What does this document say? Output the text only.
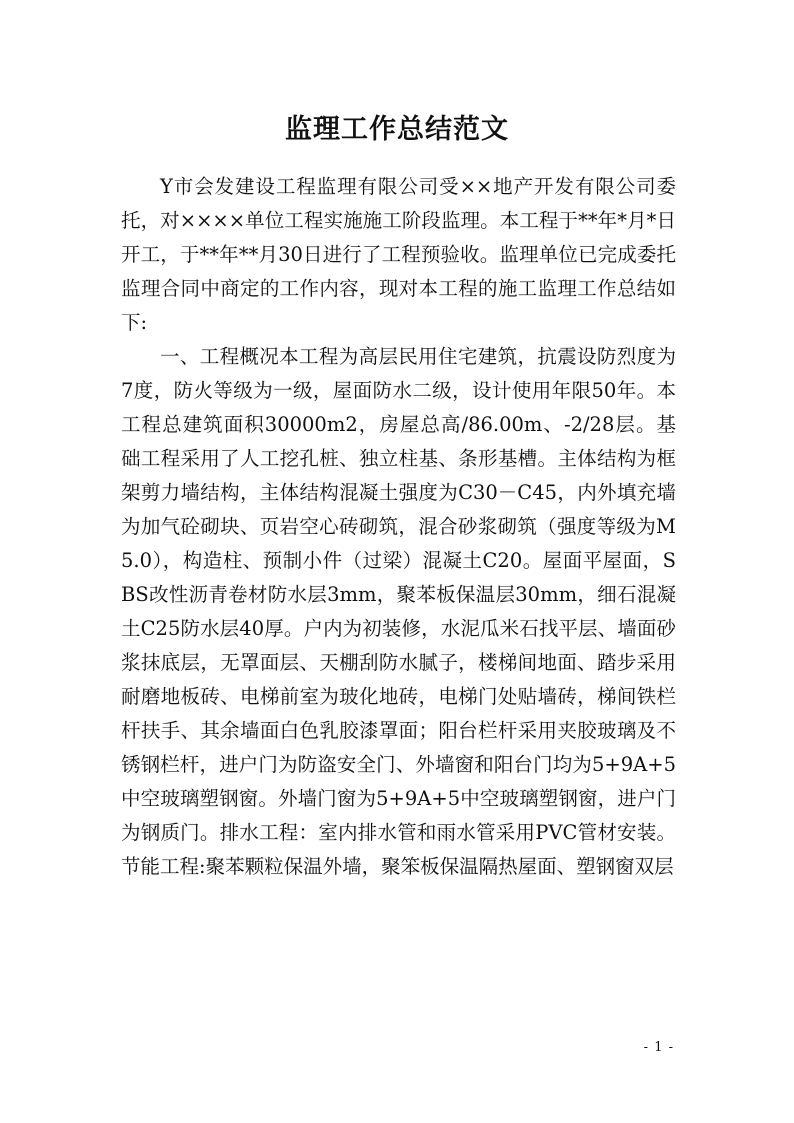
监理工作总结范文

Y市会发建设工程监理有限公司受××地产开发有限公司委托，对××××单位工程实施施工阶段监理。本工程于**年*月*日开工，于**年**月30日进行了工程预验收。监理单位已完成委托监理合同中商定的工作内容，现对本工程的施工监理工作总结如下:

一、工程概况本工程为高层民用住宅建筑，抗震设防烈度为7度，防火等级为一级，屋面防水二级，设计使用年限50年。本工程总建筑面积30000m2，房屋总高/86.00m、-2/28层。基础工程采用了人工挖孔桩、独立柱基、条形基槽。主体结构为框架剪力墙结构，主体结构混凝土强度为C30－C45，内外填充墙为加气砼砌块、页岩空心砖砌筑，混合砂浆砌筑（强度等级为M5.0），构造柱、预制小件（过梁）混凝土C20。屋面平屋面，SBS改性沥青卷材防水层3mm，聚苯板保温层30mm，细石混凝土C25防水层40厚。户内为初装修，水泥瓜米石找平层、墙面砂浆抹底层，无罩面层、天棚刮防水腻子，楼梯间地面、踏步采用耐磨地板砖、电梯前室为玻化地砖，电梯门处贴墙砖，梯间铁栏杆扶手、其余墙面白色乳胶漆罩面；阳台栏杆采用夹胶玻璃及不锈钢栏杆，进户门为防盗安全门、外墙窗和阳台门均为5+9A+5中空玻璃塑钢窗。外墙门窗为5+9A+5中空玻璃塑钢窗，进户门为钢质门。排水工程：室内排水管和雨水管采用PVC管材安装。节能工程:聚苯颗粒保温外墙，聚笨板保温隔热屋面、塑钢窗双层

- 1 -
